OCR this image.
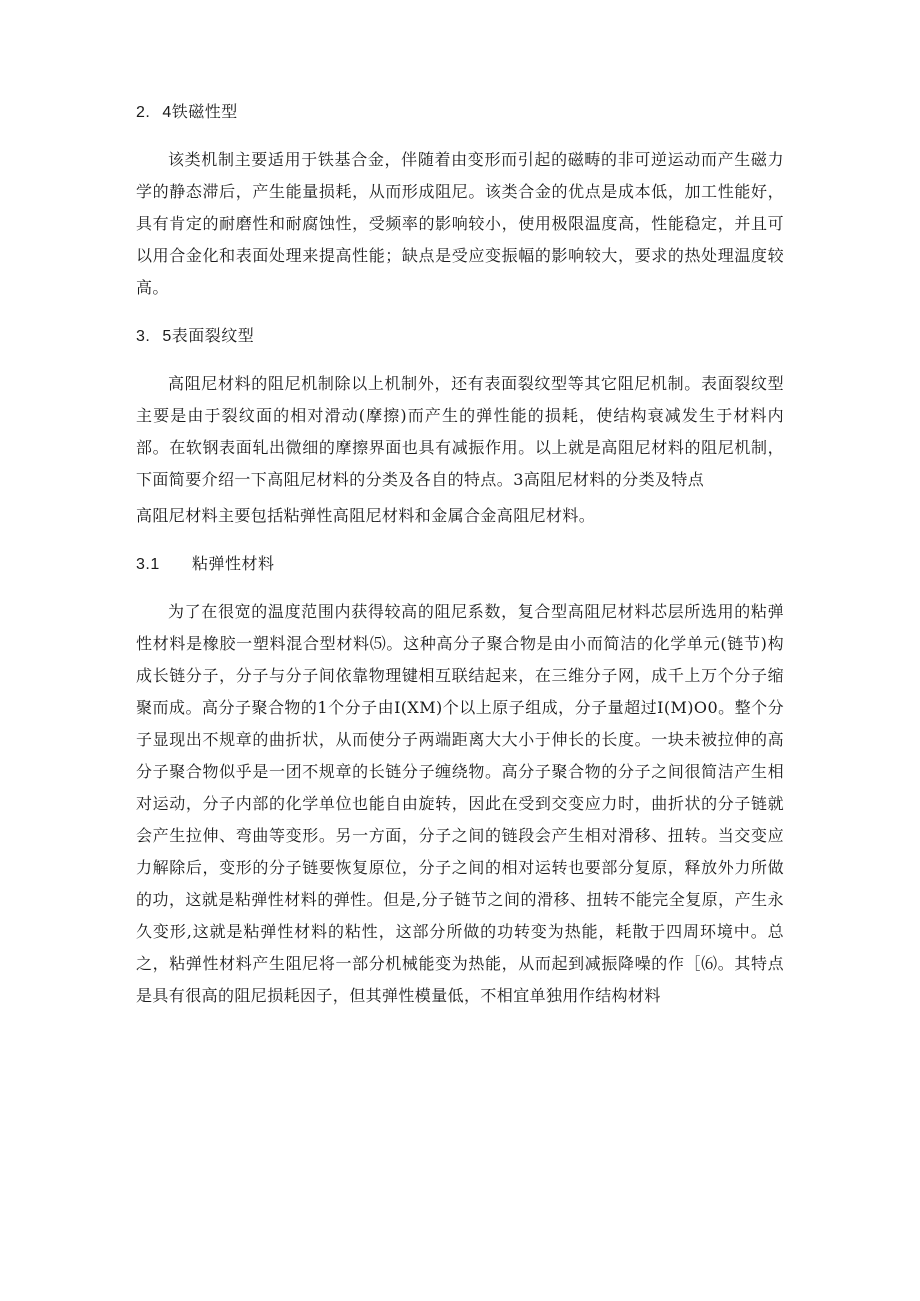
2. 4铁磁性型

该类机制主要适用于铁基合金，伴随着由变形而引起的磁畴的非可逆运动而产生磁力学的静态滞后，产生能量损耗，从而形成阻尼。该类合金的优点是成本低，加工性能好，具有肯定的耐磨性和耐腐蚀性，受频率的影响较小，使用极限温度高，性能稳定，并且可以用合金化和表面处理来提高性能；缺点是受应变振幅的影响较大，要求的热处理温度较高。

3. 5表面裂纹型

高阻尼材料的阻尼机制除以上机制外，还有表面裂纹型等其它阻尼机制。表面裂纹型主要是由于裂纹面的相对滑动(摩擦)而产生的弹性能的损耗，使结构衰减发生于材料内部。在软钢表面轧出微细的摩擦界面也具有减振作用。以上就是高阻尼材料的阻尼机制，下面简要介绍一下高阻尼材料的分类及各自的特点。3高阻尼材料的分类及特点

高阻尼材料主要包括粘弹性高阻尼材料和金属合金高阻尼材料。

3.1 粘弹性材料

为了在很宽的温度范围内获得较高的阻尼系数，复合型高阻尼材料芯层所选用的粘弹性材料是橡胶一塑料混合型材料⑸。这种高分子聚合物是由小而简洁的化学单元(链节)构成长链分子，分子与分子间依靠物理键相互联结起来，在三维分子网，成千上万个分子缩聚而成。高分子聚合物的1个分子由I(XM)个以上原子组成，分子量超过I(M)O0。整个分子显现出不规章的曲折状，从而使分子两端距离大大小于伸长的长度。一块未被拉伸的高分子聚合物似乎是一团不规章的长链分子缠绕物。高分子聚合物的分子之间很简洁产生相对运动，分子内部的化学单位也能自由旋转，因此在受到交变应力时，曲折状的分子链就会产生拉伸、弯曲等变形。另一方面，分子之间的链段会产生相对滑移、扭转。当交变应力解除后，变形的分子链要恢复原位，分子之间的相对运转也要部分复原，释放外力所做的功，这就是粘弹性材料的弹性。但是,分子链节之间的滑移、扭转不能完全复原，产生永久变形,这就是粘弹性材料的粘性，这部分所做的功转变为热能，耗散于四周环境中。总之，粘弹性材料产生阻尼将一部分机械能变为热能，从而起到减振降噪的作［⑹。其特点是具有很高的阻尼损耗因子，但其弹性模量低，不相宜单独用作结构材料
